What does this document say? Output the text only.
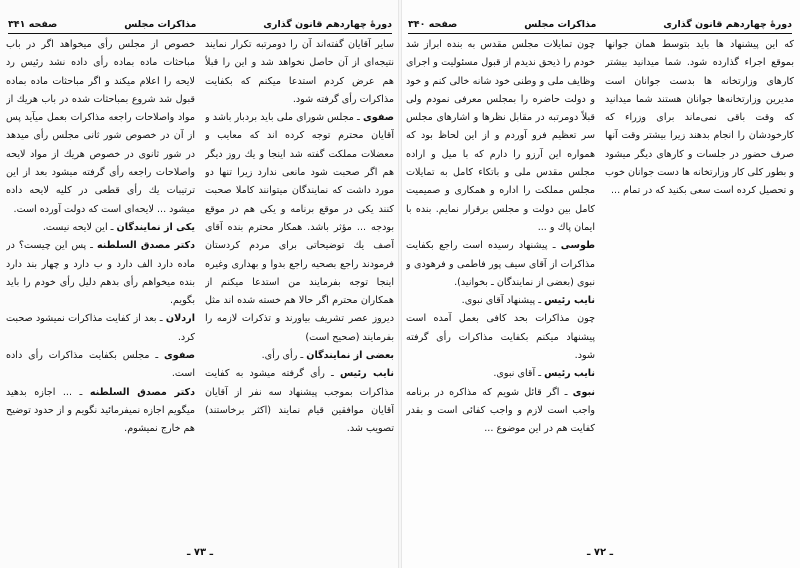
دورهٔ چهاردهم قانون گذاری
مذاکرات مجلس
صفحه ۳۴۱

سایر آقایان گفته‌اند آن را دومرتبه تکرار نمایند نتیجه‌ای از آن حاصل نخواهد شد و این را قبلاً هم عرض کردم استدعا میکنم که بکفایت مذاکرات رأی گرفته شود.

صفوی ـ مجلس شورای ملی باید بردبار باشد و آقایان محترم توجه کرده اند که معایب و معضلات مملکت گفته شد اینجا و یك روز دیگر هم اگر صحبت شود مانعی ندارد زیرا تنها دو مورد داشت که نمایندگان میتوانند کاملا صحبت کنند یکی در موقع برنامه و یکی هم در موقع بودجه ... مؤثر باشد. همکار محترم بنده آقای آصف یك توضیحاتی برای مردم کردستان فرمودند راجع بصحیه راجع بدوا و بهداری وغیره اینجا توجه بفرمایند من استدعا میکنم از همکاران محترم اگر حالا هم خسته شده اند مثل دیروز عصر تشریف بیاورند و تذکرات لازمه را بفرمایند (صحیح است)

بعضی از نمایندگان ـ رأی رأی.

نایب رئیس ـ رأی گرفته میشود به کفایت مذاکرات بموجب پیشنهاد سه نفر از آقایان آقایان موافقین قیام نمایند (اکثر برخاستند) تصویب شد.

خصوص از مجلس رأی میخواهد اگر در باب مباحثات ماده بماده رأی داده نشد رئیس رد لایحه را اعلام میکند و اگر مباحثات ماده بماده قبول شد شروع بمباحثات شده در باب هریك از مواد واصلاحات راجعه مذاکرات بعمل میآید پس از آن در خصوص شور ثانی مجلس رأی میدهد در شور ثانوی در خصوص هریك از مواد لایحه واصلاحات راجعه رأی گرفته میشود بعد از این ترتیبات یك رأی قطعی در کلیه لایحه داده میشود ... لایحه‌ای است که دولت آورده است.

یکی از نمایندگان ـ این لایحه نیست.

دکتر مصدق السلطنه ـ پس این چیست؟ در ماده دارد الف دارد و ب دارد و چهار بند دارد بنده میخواهم رأی بدهم دلیل رأی خودم را باید بگویم.

اردلان ـ بعد از کفایت مذاکرات نمیشود صحبت کرد.

صفوی ـ مجلس بکفایت مذاکرات رأی داده است.

دکتر مصدق السلطنه ـ ... اجازه بدهید میگویم اجازه نمیفرمائید نگویم و از حدود توضیح هم خارج نمیشوم.

ـ ۷۳ ـ
دورهٔ چهاردهم قانون گذاری
مذاکرات مجلس
صفحه ۳۴۰

که این پیشنهاد ها باید بتوسط همان جوانها بموقع اجراء گذارده شود. شما میدانید بیشتر کارهای وزارتخانه ها بدست جوانان است مدیرین وزارتخانه‌ها جوانان هستند شما میدانید که وقت باقی نمی‌ماند برای وزراء که کارخودشان را انجام بدهند زیرا بیشتر وقت آنها صرف حضور در جلسات و کارهای دیگر میشود و بطور کلی کار وزارتخانه ها دست جوانان خوب و تحصیل کرده است سعی بکنید که در تمام ...

چون تمایلات مجلس مقدس به بنده ابراز شد خودم را ذیحق ندیدم از قبول مسئولیت و اجرای وظایف ملی و وطنی خود شانه خالی کنم و خود و دولت حاضره را بمجلس معرفی نمودم ولی قبلاً دومرتبه در مقابل نظرها و اشارهای مجلس سر تعظیم فرو آوردم و از این لحاظ بود که همواره این آرزو را دارم که با میل و اراده مجلس مقدس ملی و باتکاء کامل به تمایلات مجلس مملکت را اداره و همکاری و صمیمیت کامل بین دولت و مجلس برقرار نمایم. بنده با ایمان پاك و ...

طوسی ـ پیشنهاد رسیده است راجع بکفایت مذاکرات از آقای سیف پور فاطمی و فرهودی و نبوی (بعضی از نمایندگان ـ بخوانید).

نایب رئیس ـ پیشنهاد آقای نبوی.

چون مذاکرات بحد کافی بعمل آمده است پیشنهاد میکنم بکفایت مذاکرات رأی گرفته شود.

نایب رئیس ـ آقای نبوی.

نبوی ـ اگر قائل شویم که مذاکره در برنامه واجب است لازم و واجب کفائی است و بقدر کفایت هم در این موضوع ...

ـ ۷۲ ـ
